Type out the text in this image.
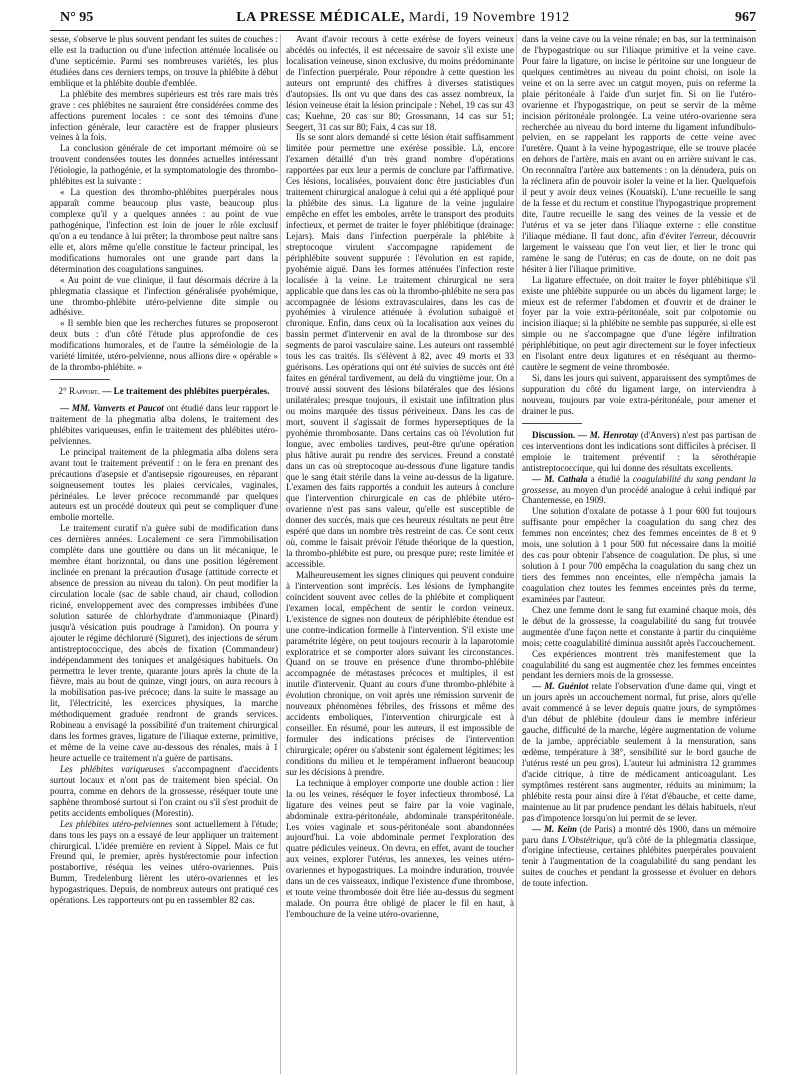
N° 95	LA PRESSE MÉDICALE, Mardi, 19 Novembre 1912	967

sesse, s'observe le plus souvent pendant les suites de couches : elle est la traduction ou d'une infection atténuée localisée ou d'une septicémie. Parmi ses nombreuses variétés, les plus étudiées dans ces derniers temps, on trouve la phlébite à début emblique et la phlébite double d'emblée.

La phlébite des membres supérieurs est très rare mais très grave : ces phlébites ne sauraient être considérées comme des affections purement locales : ce sont des témoins d'une infection générale, leur caractère est de frapper plusieurs veines à la fois.

La conclusion générale de cet important mémoire où se trouvent condensées toutes les données actuelles intéressant l'étiologie, la pathogénie, et la symptomatologie des thrombo-phlébites est la suivante :

« La question des thrombo-phlébites puerpérales nous apparaît comme beaucoup plus vaste, beaucoup plus complexe qu'il y a quelques années : au point de vue pathogénique, l'infection est loin de jouer le rôle exclusif qu'on a eu tendance à lui prêter; la thrombose peut naître sans elle et, alors même qu'elle constitue le facteur principal, les modifications humorales ont une grande part dans la détermination des coagulations sanguines.

« Au point de vue clinique, il faut désormais décrire à la phlegmatia classique et l'infection généralisée pyohémique, une thrombo-phlébite utéro-pelvienne dite simple ou adhésive.

« Il semble bien que les recherches futures se proposeront deux buts : d'un côté l'étude plus approfondie de ces modifications humorales, et de l'autre la séméiologie de la variété limitée, utéro-pelvienne, nous allions dire « opérable » de la thrombo-phlébite. »

2° Rapport. — Le traitement des phlébites puerpérales.

— MM. Vanverts et Paucot ont étudié dans leur rapport le traitement de la phegmatia alba dolens, le traitement des phlébites variqueuses, enfin le traitement des phlébites utéro-pelviennes.

Le principal traitement de la phlegmatia alba dolens sera avant tout le traitement préventif : on le fera en prenant des précautions d'asepsie et d'antisepsie rigoureuses, en réparant soigneusement toutes les plaies cervicales, vaginales, périnéales. Le lever précoce recommandé par quelques auteurs est un procédé douteux qui peut se compliquer d'une embolie mortelle.

Le traitement curatif n'a guère subi de modification dans ces dernières années. Localement ce sera l'immobilisation complète dans une gouttière ou dans un lit mécanique, le membre étant horizontal, ou dans une position légèrement inclinée en prenant la précaution d'usage (attitude correcte et absence de pression au niveau du talon). On peut modifier la circulation locale (sac de sable chaud, air chaud, collodion riciné, enveloppement avec des compresses imbibées d'une solution saturée de chlorhydrate d'ammoniaque (Pinard) jusqu'à vésication puis poudrage à l'amidon). On pourra y ajouter le régime déchloruré (Siguret), des injections de sérum antistreptococcique, des abcès de fixation (Commandeur) indépendamment des toniques et analgésiques habituels. On permettra le lever trente, quarante jours après la chute de la fièvre, mais au bout de quinze, vingt jours, on aura recours à la mobilisation pas-ive précoce; dans la suite le massage au lit, l'électricité, les exercices physiques, la marche méthodiquement graduée rendront de grands services. Robineau a envisagé la possibilité d'un traitement chirurgical dans les formes graves, ligature de l'iliaque externe, primitive, et même de la veine cave au-dessous des rénales, mais à 1 heure actuelle ce traitement n'a guère de partisans.

Les phlébites variqueuses s'accompagnent d'accidents surtout locaux et n'ont pas de traitement bien spécial. On pourra, comme en dehors de la grossesse, réséquer toute une saphène thrombosé surtout si l'on craint ou s'il s'est produit de petits accidents emboliques (Morestin).

Les phlébites utéro-pelviennes sont actuellement à l'étude; dans tous les pays on a essayé de leur appliquer un traitement chirurgical. L'idée première en revient à Sippel. Mais ce fut Freund qui, le premier, après hystérectomie pour infection postabortive, réséqua les veines utéro-ovariennes. Puis Bumm, Tredelenburg lièrent les utéro-ovariennes et les hypogastriques. Depuis, de nombreux auteurs ont pratiqué ces opérations. Les rapporteurs ont pu en rassembler 82 cas.

Avant d'avoir recours à cette exérèse de foyers veineux abcédés ou infectés, il est nécessaire de savoir s'il existe une localisation veineuse, sinon exclusive, du moins prédominante de l'infection puerpérale. Pour répondre à cette question les auteurs ont emprunté des chiffres à diverses statistiques d'autopsies. Ils ont vu que dans des cas assez nombreux, la lésion veineuse était la lésion principale : Nebel, 19 cas sur 43 cas; Kuehne, 20 cas sur 80; Grossmann, 14 cas sur 51; Seegert, 31 cas sur 80; Faix, 4 cas sur 18.

Ils se sont alors demandé si cette lésion était suffisamment limitée pour permettre une exérèse possible. Là, encore l'examen détaillé d'un très grand nombre d'opérations rapportées par eux leur a permis de conclure par l'affirmative. Ces lésions, localisées, pouvaient donc être justiciables d'un traitement chirurgical analogue à celui qui a été appliqué pour la phlébite des sinus. La ligature de la veine jugulaire empêche en effet les emboles, arrête le transport des produits infectieux, et permet de traiter le foyer phlébitique (drainage: Lejars). Mais dans l'infection puerpérale la phlébite à streptocoque virulent s'accompagne rapidement de périphlébite souvent suppurée : l'évolution en est rapide, pyohémie aiguë. Dans les formes atténuées l'infection reste localisée à la veine. Le traitement chirurgical ne sera applicable que dans les cas où la thrombo-phlébite ne sera pas accompagnée de lésions extravasculaires, dans les cas de pyohémies à virulence atténuée à évolution subaiguë et chronique. Enfin, dans ceux où la localisation aux veines du bassin permet d'intervenir en aval de la thrombose sur des segments de paroi vasculaire saine. Les auteurs ont rassemblé tous les cas traités. Ils s'élèvent à 82, avec 49 morts et 33 guérisons. Les opérations qui ont été suivies de succès ont été faites en général tardivement, au delà du vingtième jour. On a trouvé aussi souvent des lésions bilatérales que des lésions unilatérales; presque toujours, il existait une infiltration plus ou moins marquée des tissus périveineux. Dans les cas de mort, souvent il s'agissait de formes hyperseptiques de la pyohémie thrombosante. Dans certains cas où l'évolution fut longue, avec embolies tardives, peut-être qu'une opération plus hâtive aurait pu rendre des services. Freund a constaté dans un cas où streptocoque au-dessous d'une ligature tandis que le sang était stérile dans la veine au-dessus de la ligature. L'examen des faits rapportés a conduit les auteurs à conclure que l'intervention chirurgicale en cas de phlébite utéro-ovarienne n'est pas sans valeur, qu'elle est susceptible de donner des succès, mais que ces heureux résultats ne peut être espéré que dans un nombre très restreint de cas. Ce sont ceux où, comme le faisait prévoir l'étude théorique de la question, la thrombo-phlébite est pure, ou presque pure; reste limitée et accessible.

Malheureusement les signes cliniques qui peuvent conduire à l'intervention sont imprécis. Les lésions de lymphangite coïncident souvent avec celles de la phlébite et compliquent l'examen local, empêchent de sentir le cordon veineux. L'existence de signes non douteux de périphlébite étendue est une contre-indication formelle à l'intervention. S'il existe une paramétrite légère, on peut toujours recourir à la laparotomie exploratrice et se comporter alors suivant les circonstances. Quand on se trouve en présence d'une thrombo-phlébite accompagnée de métastases précoces et multiples, il est inutile d'intervenir. Quant au cours d'une thrombo-phlébite à évolution chronique, on voit après une rémission survenir de nouveaux phénomènes fébriles, des frissons et même des accidents emboliques, l'intervention chirurgicale est à conseiller. En résumé, pour les auteurs, il est impossible de formuler des indications précises de l'intervention chirurgicale; opérer ou s'abstenir sont également légitimes; les conditions du milieu et le tempérament influeront beaucoup sur les décisions à prendre.

La technique à employer comporte une double action : lier la ou les veines, réséquer le foyer infectieux thrombosé. La ligature des veines peut se faire par la voie vaginale, abdominale extra-péritonéale, abdominale transpéritonéale. Les voies vaginale et sous-péritonéale sont abandonnées aujourd'hui. La voie abdominale permet l'exploration des quatre pédicules veineux. On devra, en effet, avant de toucher aux veines, explorer l'utérus, les annexes, les veines utéro-ovariennes et hypogastriques. La moindre induration, trouvée dans un de ces vaisseaux, indique l'existence d'une thrombose, et toute veine thrombosée doit être liée au-dessus du segment malade. On pourra être obligé de placer le fil en haut, à l'embouchure de la veine utéro-ovarienne,

dans la veine cave ou la veine rénale; en bas, sur la terminaison de l'hypogastrique ou sur l'iliaque primitive et la veine cave. Pour faire la ligature, on incise le péritoine sur une longueur de quelques centimètres au niveau du point choisi, on isole la veine et on la serre avec un catgut moyen, puis on referme la plaie péritonéale à l'aide d'un surjet fin. Si on lie l'utéro-ovarienne et l'hypogastrique, on peut se servir de la même incision péritonéale prolongée. La veine utéro-ovarienne sera recherchée au niveau du bord interne du ligament infundibulo-pelvien, en se rappelant les rapports de cette veine avec l'uretère. Quant à la veine hypogastrique, elle se trouve placée en dehors de l'artère, mais en avant ou en arrière suivant le cas. On reconnaîtra l'artère aux battements : on la dénudera, puis on la réclinera afin de pouvoir isoler la veine et la lier. Quelquefois il peut y avoir deux veines (Kouatski). L'une recueille le sang de la fesse et du rectum et constitue l'hypogastrique proprement dite, l'autre recueille le sang des veines de la vessie et de l'utérus et va se jeter dans l'iliaque externe : elle constitue l'iliaque médiane. Il faut donc, afin d'éviter l'erreur, découvrir largement le vaisseau que l'on veut lier, et lier le tronc qui ramène le sang de l'utérus; en cas de doute, on ne doit pas hésiter à lier l'iliaque primitive.

La ligature effectuée, on doit traiter le foyer phlébitique s'il existe une phlébite suppurée ou un abcès du ligament large; le mieux est de refermer l'abdomen et d'ouvrir et de drainer le foyer par la voie extra-péritonéale, soit par colpotomie ou incision iliaque; si la phlébite ne semble pas suppurée, si elle est simple ou ne s'accompagne que d'une légère infiltration périphlébitique, on peut agir directement sur le foyer infectieux en l'isolant entre deux ligatures et en réséquant au thermo-cautère le segment de veine thrombosée.

Si, dans les jours qui suivent, apparaissent des symptômes de suppuration du côté du ligament large, on interviendra à nouveau, toujours par voie extra-péritonéale, pour amener et drainer le pus.

Discussion. — M. Henrotay (d'Anvers) n'est pas partisan de ces interventions dont les indications sont difficiles à préciser. Il emploie le traitement préventif : la sérothérapie antistreptococcique, qui lui donne des résultats excellents.

— M. Cathala a étudié la coagulabilité du sang pendant la grossesse, au moyen d'un procédé analogue à celui indiqué par Chantemesse, en 1909.

Une solution d'oxalate de potasse à 1 pour 600 fut toujours suffisante pour empêcher la coagulation du sang chez des femmes non enceintes; chez des femmes enceintes de 8 et 9 mois, une solution à 1 pour 500 fut nécessaire dans la moitié des cas pour obtenir l'absence de coagulation. De plus, si une solution à 1 pour 700 empêcha la coagulation du sang chez un tiers des femmes non enceintes, elle n'empêcha jamais la coagulation chez toutes les femmes enceintes près du terme, examinées par l'auteur.

Chez une femme dont le sang fut examiné chaque mois, dès le début de la grossesse, la coagulabilité du sang fut trouvée augmentée d'une façon nette et constante à partir du cinquième mois; cette coagulabilité diminua aussitôt après l'accouchement.

Ces expériences montrent très manifestement que la coagulabilité du sang est augmentée chez les femmes enceintes pendant les derniers mois de la grossesse.

— M. Guéniot relate l'observation d'une dame qui, vingt et un jours après un accouchement normal, fut prise, alors qu'elle avait commencé à se lever depuis quatre jours, de symptômes d'un début de phlébite (douleur dans le membre inférieur gauche, difficulté de la marche, légère augmentation de volume de la jambe, appréciable seulement à la mensuration, sans œdème, température à 38°, sensibilité sur le bord gauche de l'utérus resté un peu gros). L'auteur lui administra 12 grammes d'acide citrique, à titre de médicament anticoagulant. Les symptômes restèrent sans augmenter, réduits au minimum; la phlébite resta pour ainsi dire à l'état d'ébauche, et cette dame, maintenue au lit par prudence pendant les délais habituels, n'eut pas d'impotence lorsqu'on lui permit de se lever.

— M. Keim (de Paris) a montré dès 1900, dans un mémoire paru dans L'Obstétrique, qu'à côté de la phlegmatia classique, d'origine infectieuse, certaines phlébites puerpérales pouvaient tenir à l'augmentation de la coagulabilité du sang pendant les suites de couches et pendant la grossesse et évoluer en dehors de toute infection.
